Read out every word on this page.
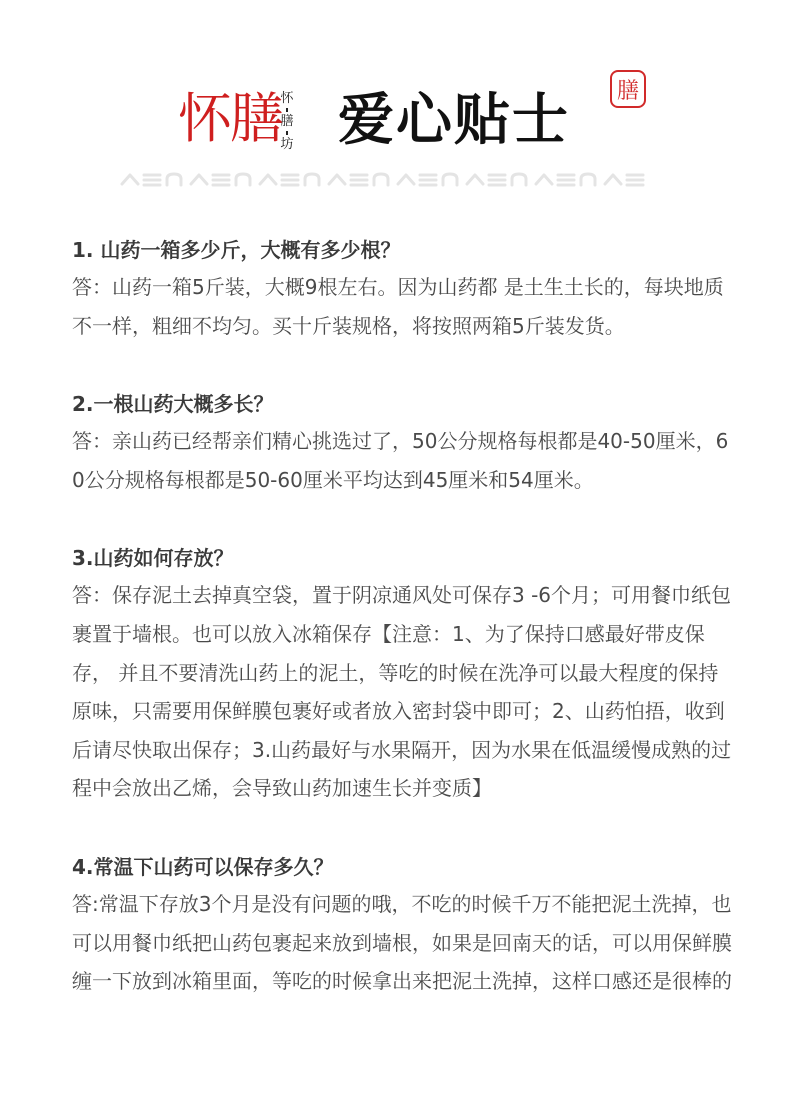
怀膳
怀
膳
坊 爱心贴士	膳

1. 山药一箱多少斤，大概有多少根？

答：山药一箱5斤装，大概9根左右。因为山药都 是土生土长的，每块地质不一样，粗细不均匀。买十斤装规格，将按照两箱5斤装发货。

2.一根山药大概多长？

答：亲山药已经帮亲们精心挑选过了，50公分规格每根都是40-50厘米，60公分规格每根都是50-60厘米平均达到45厘米和54厘米。

3.山药如何存放？

答：保存泥土去掉真空袋，置于阴凉通风处可保存3 -6个月；可用餐巾纸包裹置于墙根。也可以放入冰箱保存【注意：1、为了保持口感最好带皮保存， 并且不要清洗山药上的泥土，等吃的时候在洗净可以最大程度的保持原味，只需要用保鲜膜包裹好或者放入密封袋中即可；2、山药怕捂，收到后请尽快取出保存；3.山药最好与水果隔开，因为水果在低温缓慢成熟的过程中会放出乙烯，会导致山药加速生长并变质】

4.常温下山药可以保存多久？

答:常温下存放3个月是没有问题的哦，不吃的时候千万不能把泥土洗掉，也可以用餐巾纸把山药包裹起来放到墙根，如果是回南天的话，可以用保鲜膜缠一下放到冰箱里面，等吃的时候拿出来把泥土洗掉，这样口感还是很棒的
